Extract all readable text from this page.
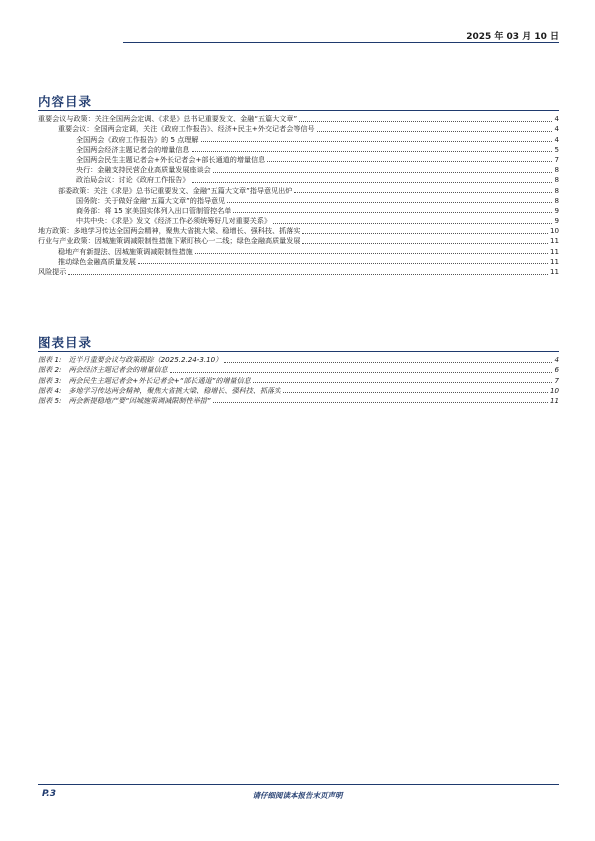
2025 年 03 月 10 日
内容目录
重要会议与政策：关注全国两会定调、《求是》总书记重要发文、金融“五篇大文章”	4
重要会议：全国两会定调，关注《政府工作报告》、经济+民主+外交记者会等信号	4
全国两会《政府工作报告》的 5 点理解	4
全国两会经济主题记者会的增量信息	5
全国两会民生主题记者会+外长记者会+部长通道的增量信息	7
央行：金融支持民营企业高质量发展座谈会	8
政治局会议：讨论《政府工作报告》	8
部委政策：关注《求是》总书记重要发文、金融“五篇大文章”指导意见出炉	8
国务院：关于做好金融“五篇大文章”的指导意见	8
商务部：将 15 家美国实体列入出口管制管控名单	9
中共中央：《求是》发文《经济工作必须统筹好几对重要关系》	9
地方政策：多地学习传达全国两会精神，聚焦大省挑大梁、稳增长、强科技、抓落实	10
行业与产业政策：因城施策调减限制性措施下紧盯核心一二线；绿色金融高质量发展	11
稳地产有新提法、因城施策调减限制性措施	11
推动绿色金融高质量发展	11
风险提示	11
图表目录
图表 1:　近半月重要会议与政策跟踪（2025.2.24-3.10）	4
图表 2:　两会经济主题记者会的增量信息	6
图表 3:　两会民生主题记者会+外长记者会+“部长通道”的增量信息	7
图表 4:　多地学习传达两会精神，聚焦大省挑大梁、稳增长、强科技、抓落实	10
图表 5:　两会新提稳地产要“因城施策调减限制性举措”	11
P.3	请仔细阅读本报告末页声明
